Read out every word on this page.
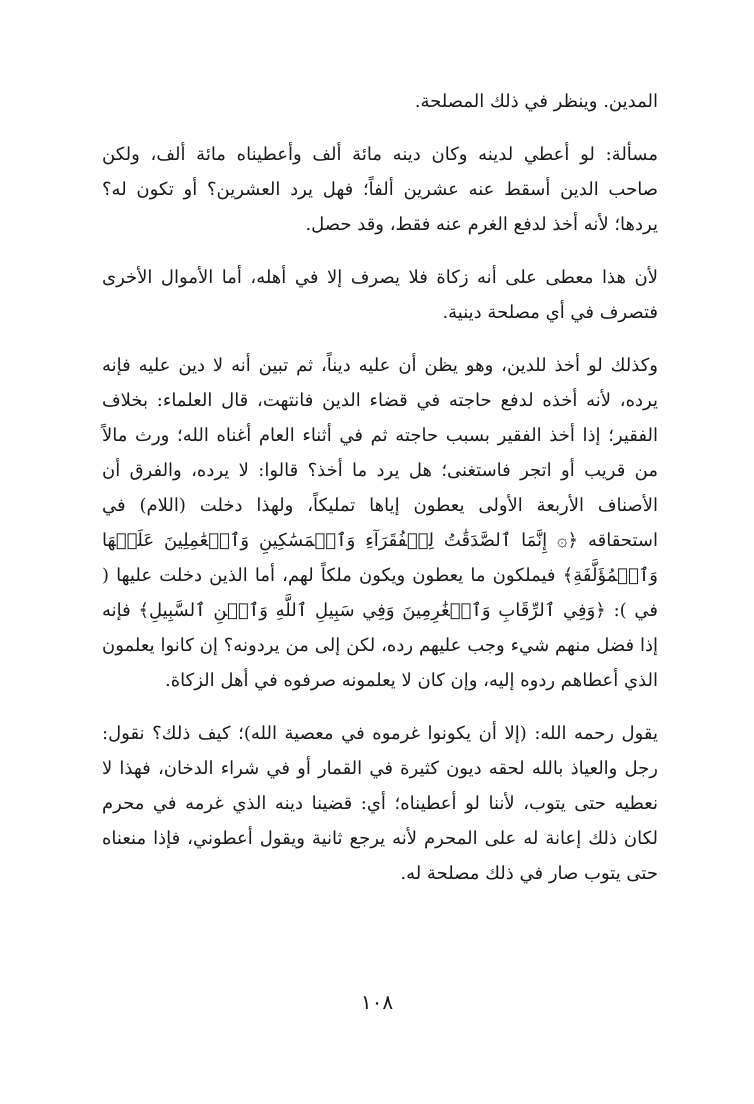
المدين. وينظر في ذلك المصلحة.

مسألة: لو أعطي لدينه وكان دينه مائة ألف وأعطيناه مائة ألف، ولكن صاحب الدين أسقط عنه عشرين ألفاً؛ فهل يرد العشرين؟ أو تكون له؟ يردها؛ لأنه أخذ لدفع الغرم عنه فقط، وقد حصل.

لأن هذا معطى على أنه زكاة فلا يصرف إلا في أهله، أما الأموال الأخرى فتصرف في أي مصلحة دينية.

وكذلك لو أخذ للدين، وهو يظن أن عليه ديناً، ثم تبين أنه لا دين عليه فإنه يرده، لأنه أخذه لدفع حاجته في قضاء الدين فانتهت، قال العلماء: بخلاف الفقير؛ إذا أخذ الفقير بسبب حاجته ثم في أثناء العام أغناه الله؛ ورث مالاً من قريب أو اتجر فاستغنى؛ هل يرد ما أخذ؟ قالوا: لا يرده، والفرق أن الأصناف الأربعة الأولى يعطون إياها تمليكاً، ولهذا دخلت (اللام) في استحقاقه ﴿۞ إِنَّمَا ٱلصَّدَقَٰتُ لِلۡفُقَرَآءِ وَٱلۡمَسَٰكِينِ وَٱلۡعَٰمِلِينَ عَلَيۡهَا وَٱلۡمُؤَلَّفَةِ﴾ فيملكون ما يعطون ويكون ملكاً لهم، أما الذين دخلت عليها ( في ): ﴿وَفِي ٱلرِّقَابِ وَٱلۡغَٰرِمِينَ وَفِي سَبِيلِ ٱللَّهِ وَٱبۡنِ ٱلسَّبِيلِ﴾ فإنه إذا فضل منهم شيء وجب عليهم رده، لكن إلى من يردونه؟ إن كانوا يعلمون الذي أعطاهم ردوه إليه، وإن كان لا يعلمونه صرفوه في أهل الزكاة.

يقول رحمه الله: (إلا أن يكونوا غرموه في معصية الله)؛ كيف ذلك؟ نقول: رجل والعياذ بالله لحقه ديون كثيرة في القمار أو في شراء الدخان، فهذا لا نعطيه حتى يتوب، لأننا لو أعطيناه؛ أي: قضينا دينه الذي غرمه في محرم لكان ذلك إعانة له على المحرم لأنه يرجع ثانية ويقول أعطوني، فإذا منعناه حتى يتوب صار في ذلك مصلحة له.

١٠٨
